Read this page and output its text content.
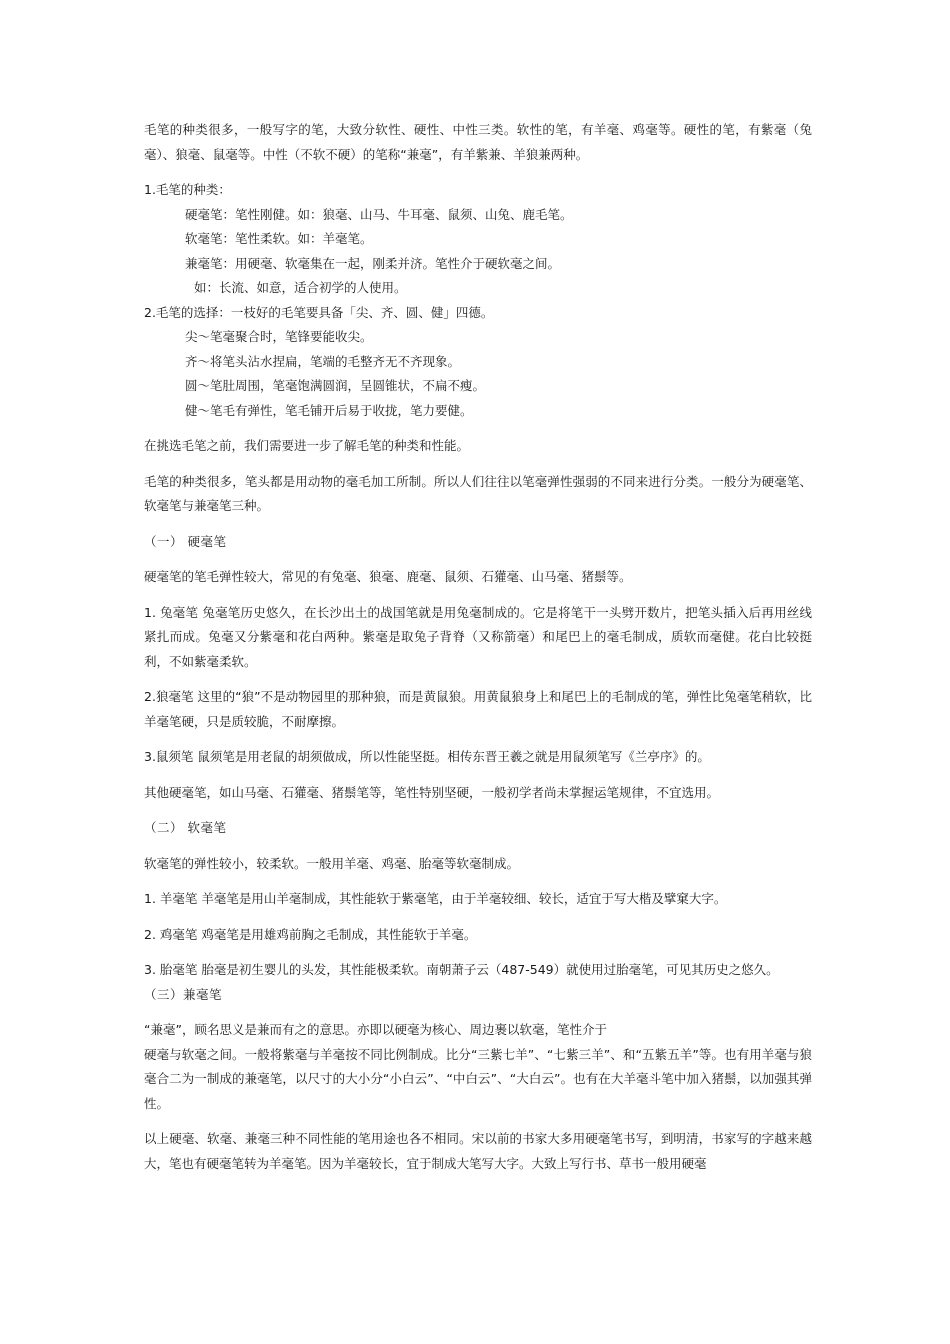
毛笔的种类很多，一般写字的笔，大致分软性、硬性、中性三类。软性的笔，有羊毫、鸡毫等。硬性的笔，有紫毫（兔毫）、狼毫、鼠毫等。中性（不软不硬）的笔称“兼毫”，有羊紫兼、羊狼兼两种。

1.毛笔的种类：

硬毫笔：笔性刚健。如：狼毫、山马、牛耳毫、鼠须、山兔、鹿毛笔。

软毫笔：笔性柔软。如：羊毫笔。

兼毫笔：用硬毫、软毫集在一起，刚柔并济。笔性介于硬软毫之间。

如：长流、如意，适合初学的人使用。

2.毛笔的选择：一枝好的毛笔要具备「尖、齐、圆、健」四德。

尖～笔毫聚合时，笔锋要能收尖。

齐～将笔头沾水捏扁，笔端的毛整齐无不齐现象。

圆～笔肚周围，笔毫饱满圆润，呈圆锥状，不扁不瘦。

健～笔毛有弹性，笔毛铺开后易于收拢，笔力要健。

在挑选毛笔之前，我们需要进一步了解毛笔的种类和性能。

毛笔的种类很多，笔头都是用动物的毫毛加工所制。所以人们往往以笔毫弹性强弱的不同来进行分类。一般分为硬毫笔、软毫笔与兼毫笔三种。

（一） 硬毫笔

硬毫笔的笔毛弹性较大，常见的有兔毫、狼毫、鹿毫、鼠须、石獾毫、山马毫、猪鬃等。

1. 兔毫笔 兔毫笔历史悠久，在长沙出土的战国笔就是用兔毫制成的。它是将笔干一头劈开数片，把笔头插入后再用丝线紧扎而成。兔毫又分紫毫和花白两种。紫毫是取兔子背脊（又称箭毫）和尾巴上的毫毛制成，质软而毫健。花白比较挺利，不如紫毫柔软。

2.狼毫笔 这里的“狼”不是动物园里的那种狼，而是黄鼠狼。用黄鼠狼身上和尾巴上的毛制成的笔，弹性比兔毫笔稍软，比羊毫笔硬，只是质较脆，不耐摩擦。

3.鼠须笔 鼠须笔是用老鼠的胡须做成，所以性能坚挺。相传东晋王羲之就是用鼠须笔写《兰亭序》的。

其他硬毫笔，如山马毫、石獾毫、猪鬃笔等，笔性特别坚硬，一般初学者尚未掌握运笔规律，不宜选用。

（二） 软毫笔

软毫笔的弹性较小，较柔软。一般用羊毫、鸡毫、胎毫等软毫制成。

1. 羊毫笔 羊毫笔是用山羊毫制成，其性能软于紫毫笔，由于羊毫较细、较长，适宜于写大楷及擘窠大字。

2. 鸡毫笔 鸡毫笔是用雄鸡前胸之毛制成，其性能软于羊毫。

3. 胎毫笔 胎毫是初生婴儿的头发，其性能极柔软。南朝萧子云（487-549）就使用过胎毫笔，可见其历史之悠久。

（三）兼毫笔

“兼毫”，顾名思义是兼而有之的意思。亦即以硬毫为核心、周边裹以软毫，笔性介于

硬毫与软毫之间。一般将紫毫与羊毫按不同比例制成。比分“三紫七羊”、“七紫三羊”、和“五紫五羊”等。也有用羊毫与狼毫合二为一制成的兼毫笔，以尺寸的大小分“小白云”、“中白云”、“大白云”。也有在大羊毫斗笔中加入猪鬃，以加强其弹性。

以上硬毫、软毫、兼毫三种不同性能的笔用途也各不相同。宋以前的书家大多用硬毫笔书写，到明清，书家写的字越来越大，笔也有硬毫笔转为羊毫笔。因为羊毫较长，宜于制成大笔写大字。大致上写行书、草书一般用硬毫
